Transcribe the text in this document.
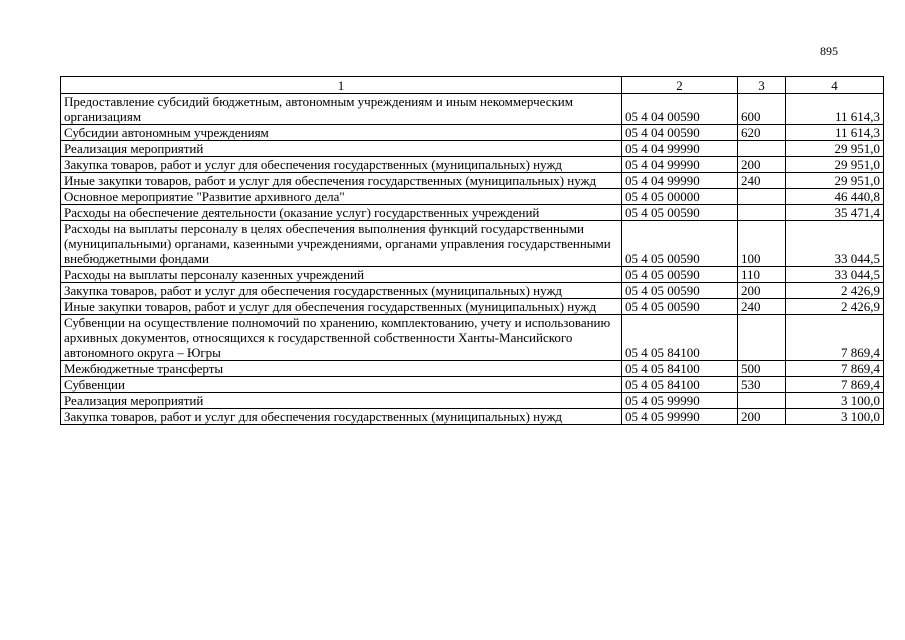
895
1	2	3	4
Предоставление субсидий бюджетным, автономным учреждениям и иным некоммерческим организациям	05 4 04 00590	600	11 614,3
Субсидии автономным учреждениям	05 4 04 00590	620	11 614,3
Реализация мероприятий	05 4 04 99990		29 951,0
Закупка товаров, работ и услуг для обеспечения государственных (муниципальных) нужд	05 4 04 99990	200	29 951,0
Иные закупки товаров, работ и услуг для обеспечения государственных (муниципальных) нужд	05 4 04 99990	240	29 951,0
Основное мероприятие "Развитие архивного дела"	05 4 05 00000		46 440,8
Расходы на обеспечение деятельности (оказание услуг) государственных учреждений	05 4 05 00590		35 471,4
Расходы на выплаты персоналу в целях обеспечения выполнения функций государственными (муниципальными) органами, казенными учреждениями, органами управления государственными внебюджетными фондами	05 4 05 00590	100	33 044,5
Расходы на выплаты персоналу казенных учреждений	05 4 05 00590	110	33 044,5
Закупка товаров, работ и услуг для обеспечения государственных (муниципальных) нужд	05 4 05 00590	200	2 426,9
Иные закупки товаров, работ и услуг для обеспечения государственных (муниципальных) нужд	05 4 05 00590	240	2 426,9
Субвенции на осуществление полномочий по хранению, комплектованию, учету и использованию архивных документов, относящихся к государственной собственности Ханты-Мансийского автономного округа – Югры	05 4 05 84100		7 869,4
Межбюджетные трансферты	05 4 05 84100	500	7 869,4
Субвенции	05 4 05 84100	530	7 869,4
Реализация мероприятий	05 4 05 99990		3 100,0
Закупка товаров, работ и услуг для обеспечения государственных (муниципальных) нужд	05 4 05 99990	200	3 100,0
